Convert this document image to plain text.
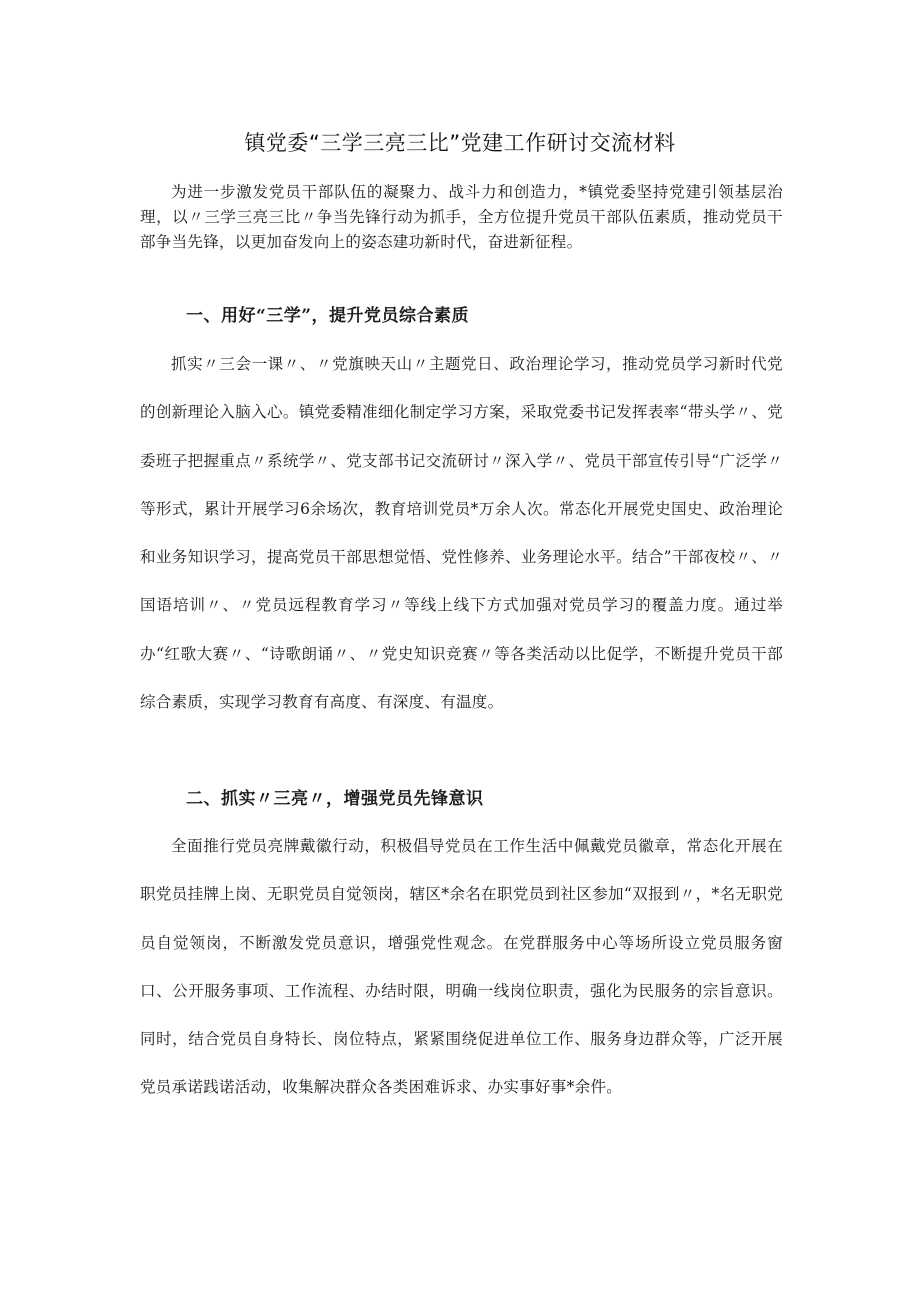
镇党委“三学三亮三比”党建工作研讨交流材料

为进一步激发党员干部队伍的凝聚力、战斗力和创造力，*镇党委坚持党建引领基层治理，以〃三学三亮三比〃争当先锋行动为抓手，全方位提升党员干部队伍素质，推动党员干部争当先锋，以更加奋发向上的姿态建功新时代，奋进新征程。

一、用好“三学”，提升党员综合素质

抓实〃三会一课〃、〃党旗映天山〃主题党日、政治理论学习，推动党员学习新时代党的创新理论入脑入心。镇党委精准细化制定学习方案，采取党委书记发挥表率“带头学〃、党委班子把握重点〃系统学〃、党支部书记交流研讨〃深入学〃、党员干部宣传引导“广泛学〃等形式，累计开展学习6余场次，教育培训党员*万余人次。常态化开展党史国史、政治理论和业务知识学习，提高党员干部思想觉悟、党性修养、业务理论水平。结合”干部夜校〃、〃国语培训〃、〃党员远程教育学习〃等线上线下方式加强对党员学习的覆盖力度。通过举办“红歌大赛〃、“诗歌朗诵〃、〃党史知识竞赛〃等各类活动以比促学，不断提升党员干部综合素质，实现学习教育有高度、有深度、有温度。

二、抓实〃三亮〃，增强党员先锋意识

全面推行党员亮牌戴徽行动，积极倡导党员在工作生活中佩戴党员徽章，常态化开展在职党员挂牌上岗、无职党员自觉领岗，辖区*余名在职党员到社区参加“双报到〃，*名无职党员自觉领岗，不断激发党员意识，增强党性观念。在党群服务中心等场所设立党员服务窗口、公开服务事项、工作流程、办结时限，明确一线岗位职责，强化为民服务的宗旨意识。同时，结合党员自身特长、岗位特点，紧紧围绕促进单位工作、服务身边群众等，广泛开展党员承诺践诺活动，收集解决群众各类困难诉求、办实事好事*余件。
